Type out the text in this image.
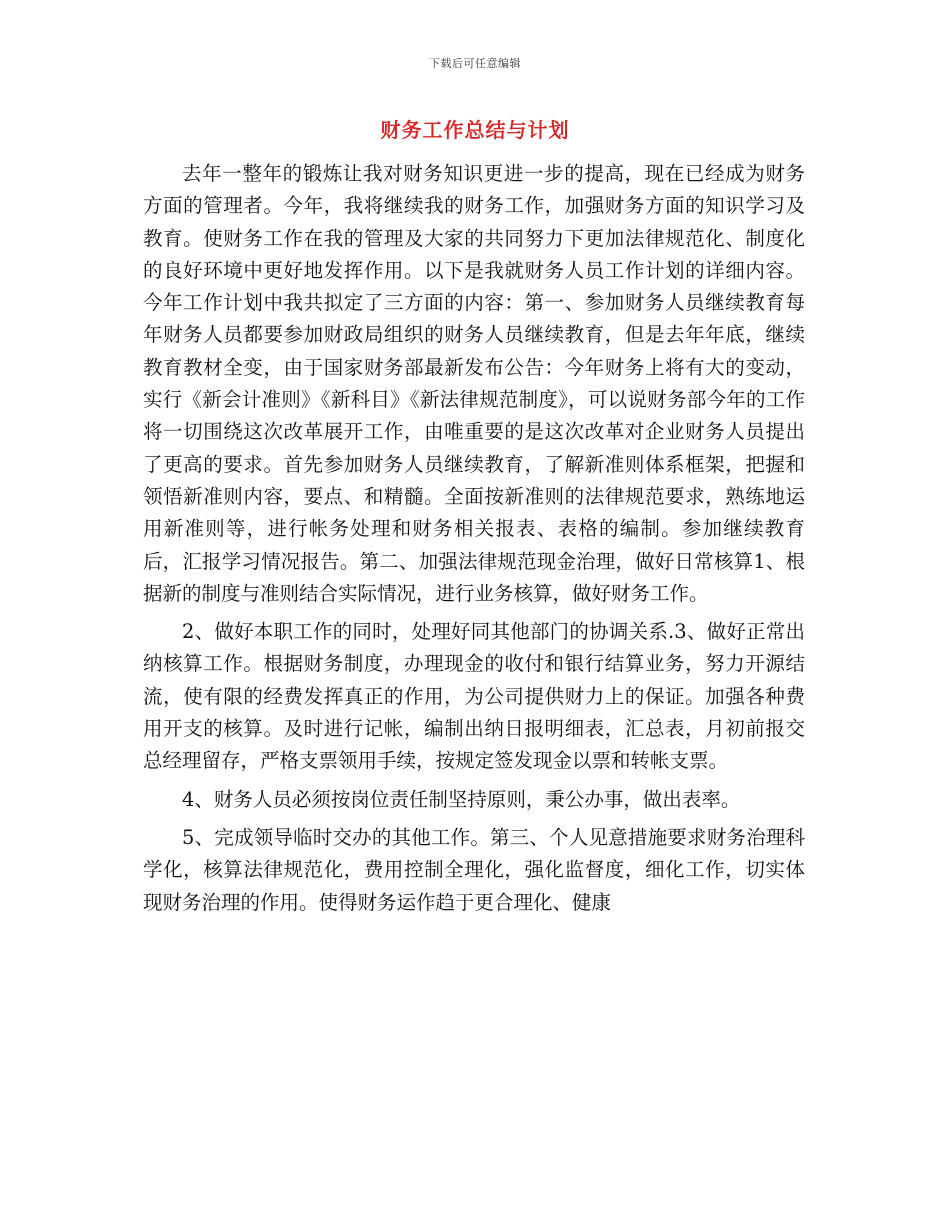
下载后可任意编辑
财务工作总结与计划

去年一整年的锻炼让我对财务知识更进一步的提高，现在已经成为财务方面的管理者。今年，我将继续我的财务工作，加强财务方面的知识学习及教育。使财务工作在我的管理及大家的共同努力下更加法律规范化、制度化的良好环境中更好地发挥作用。以下是我就财务人员工作计划的详细内容。今年工作计划中我共拟定了三方面的内容：第一、参加财务人员继续教育每年财务人员都要参加财政局组织的财务人员继续教育，但是去年年底，继续教育教材全变，由于国家财务部最新发布公告：今年财务上将有大的变动，实行《新会计准则》《新科目》《新法律规范制度》，可以说财务部今年的工作将一切围绕这次改革展开工作，由唯重要的是这次改革对企业财务人员提出了更高的要求。首先参加财务人员继续教育，了解新准则体系框架，把握和领悟新准则内容，要点、和精髓。全面按新准则的法律规范要求，熟练地运用新准则等，进行帐务处理和财务相关报表、表格的编制。参加继续教育后，汇报学习情况报告。第二、加强法律规范现金治理，做好日常核算1、根据新的制度与准则结合实际情况，进行业务核算，做好财务工作。

2、做好本职工作的同时，处理好同其他部门的协调关系.3、做好正常出纳核算工作。根据财务制度，办理现金的收付和银行结算业务，努力开源结流，使有限的经费发挥真正的作用，为公司提供财力上的保证。加强各种费用开支的核算。及时进行记帐，编制出纳日报明细表，汇总表，月初前报交总经理留存，严格支票领用手续，按规定签发现金以票和转帐支票。

4、财务人员必须按岗位责任制坚持原则，秉公办事，做出表率。

5、完成领导临时交办的其他工作。第三、个人见意措施要求财务治理科学化，核算法律规范化，费用控制全理化，强化监督度，细化工作，切实体现财务治理的作用。使得财务运作趋于更合理化、健康
